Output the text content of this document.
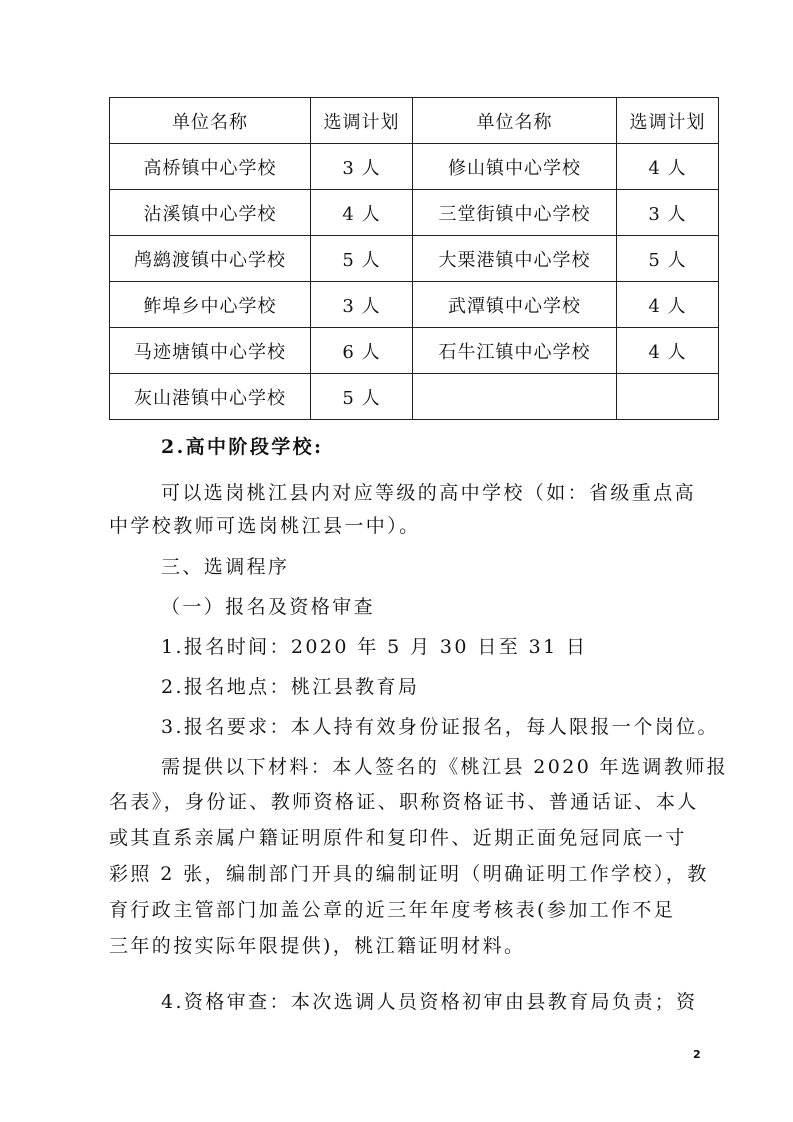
单位名称	选调计划	单位名称	选调计划
高桥镇中心学校	3 人	修山镇中心学校	4 人
沾溪镇中心学校	4 人	三堂街镇中心学校	3 人
鸬鹚渡镇中心学校	5 人	大栗港镇中心学校	5 人
鲊埠乡中心学校	3 人	武潭镇中心学校	4 人
马迹塘镇中心学校	6 人	石牛江镇中心学校	4 人
灰山港镇中心学校	5 人		
2.高中阶段学校:
可以选岗桃江县内对应等级的高中学校（如：省级重点高
中学校教师可选岗桃江县一中）。
三、选调程序
（一）报名及资格审查
1.报名时间：2020 年 5 月 30 日至 31 日
2.报名地点：桃江县教育局
3.报名要求：本人持有效身份证报名，每人限报一个岗位。
需提供以下材料：本人签名的《桃江县 2020 年选调教师报
名表》，身份证、教师资格证、职称资格证书、普通话证、本人
或其直系亲属户籍证明原件和复印件、近期正面免冠同底一寸
彩照 2 张，编制部门开具的编制证明（明确证明工作学校），教
育行政主管部门加盖公章的近三年年度考核表(参加工作不足
三年的按实际年限提供)，桃江籍证明材料。
4.资格审查：本次选调人员资格初审由县教育局负责；资
2
